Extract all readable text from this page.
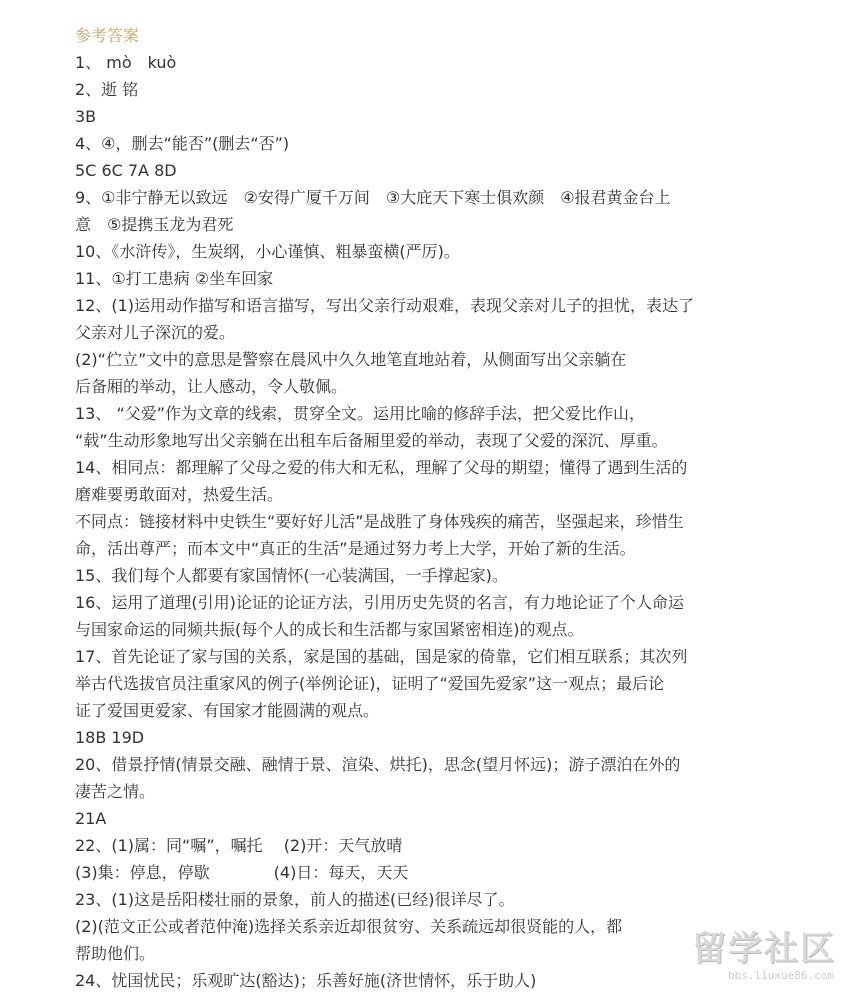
参考答案
1、 mò　kuò
2、逝 铭
3B
4、④，删去“能否”(删去“否”)
5C 6C 7A 8D
9、①非宁静无以致远　②安得广厦千万间　③大庇天下寒士俱欢颜　④报君黄金台上
意　⑤提携玉龙为君死
10、《水浒传》，生炭纲，小心谨慎、粗暴蛮横(严厉)。
11、①打工患病 ②坐车回家
12、(1)运用动作描写和语言描写，写出父亲行动艰难，表现父亲对儿子的担忧，表达了
父亲对儿子深沉的爱。
(2)“伫立”文中的意思是警察在晨风中久久地笔直地站着，从侧面写出父亲躺在
后备厢的举动，让人感动，令人敬佩。
13、 “父爱”作为文章的线索，贯穿全文。运用比喻的修辞手法，把父爱比作山，
“载”生动形象地写出父亲躺在出租车后备厢里爱的举动，表现了父爱的深沉、厚重。
14、相同点：都理解了父母之爱的伟大和无私，理解了父母的期望；懂得了遇到生活的
磨难要勇敢面对，热爱生活。
不同点：链接材料中史铁生“要好好儿活”是战胜了身体残疾的痛苦，坚强起来，珍惜生
命，活出尊严；而本文中“真正的生活”是通过努力考上大学，开始了新的生活。
15、我们每个人都要有家国情怀(一心装满国，一手撑起家)。
16、运用了道理(引用)论证的论证方法，引用历史先贤的名言，有力地论证了个人命运
与国家命运的同频共振(每个人的成长和生活都与家国紧密相连)的观点。
17、首先论证了家与国的关系，家是国的基础，国是家的倚靠，它们相互联系；其次列
举古代选拔官员注重家风的例子(举例论证)，证明了“爱国先爱家”这一观点；最后论
证了爱国更爱家、有国家才能圆满的观点。
18B 19D
20、借景抒情(情景交融、融情于景、渲染、烘托)，思念(望月怀远)；游子漂泊在外的
凄苦之情。
21A
22、(1)属：同“嘱”，嘱托　 (2)开：天气放晴
(3)集：停息，停歇　　　　(4)日：每天，天天
23、(1)这是岳阳楼壮丽的景象，前人的描述(已经)很详尽了。
(2)(范文正公或者范仲淹)选择关系亲近却很贫穷、关系疏远却很贤能的人，都
帮助他们。
24、忧国忧民；乐观旷达(豁达)；乐善好施(济世情怀，乐于助人)
留学社区
bbs.liuxue86.com
